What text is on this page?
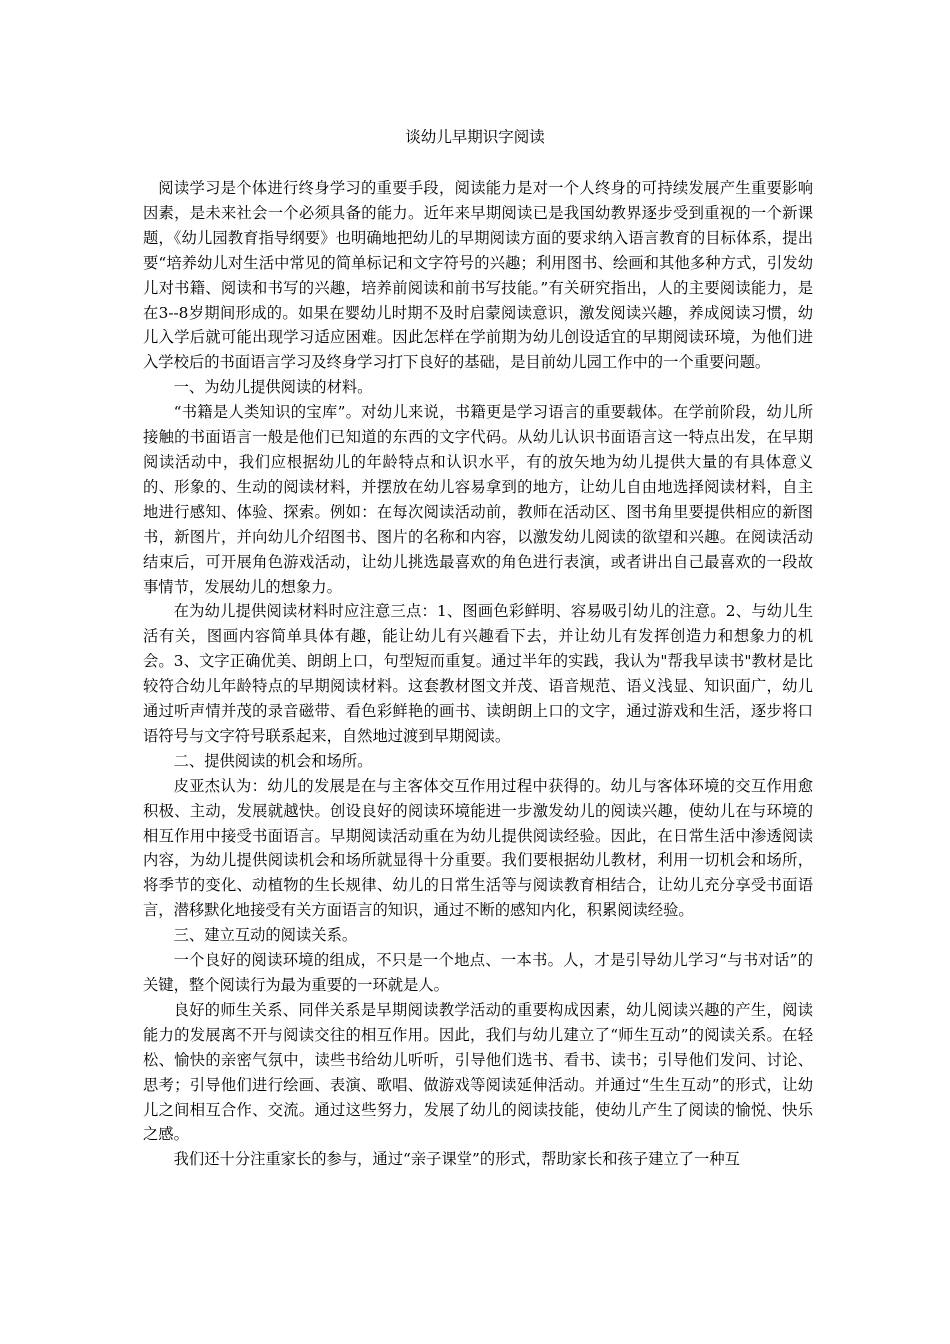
谈幼儿早期识字阅读

阅读学习是个体进行终身学习的重要手段，阅读能力是对一个人终身的可持续发展产生重要影响因素，是未来社会一个必须具备的能力。近年来早期阅读已是我国幼教界逐步受到重视的一个新课题，《幼儿园教育指导纲要》也明确地把幼儿的早期阅读方面的要求纳入语言教育的目标体系，提出要“培养幼儿对生活中常见的简单标记和文字符号的兴趣；利用图书、绘画和其他多种方式，引发幼儿对书籍、阅读和书写的兴趣，培养前阅读和前书写技能。”有关研究指出，人的主要阅读能力，是在3--8岁期间形成的。如果在婴幼儿时期不及时启蒙阅读意识，激发阅读兴趣，养成阅读习惯，幼儿入学后就可能出现学习适应困难。因此怎样在学前期为幼儿创设适宜的早期阅读环境，为他们进入学校后的书面语言学习及终身学习打下良好的基础，是目前幼儿园工作中的一个重要问题。

一、为幼儿提供阅读的材料。

“书籍是人类知识的宝库”。对幼儿来说，书籍更是学习语言的重要载体。在学前阶段，幼儿所接触的书面语言一般是他们已知道的东西的文字代码。从幼儿认识书面语言这一特点出发，在早期阅读活动中，我们应根据幼儿的年龄特点和认识水平，有的放矢地为幼儿提供大量的有具体意义的、形象的、生动的阅读材料，并摆放在幼儿容易拿到的地方，让幼儿自由地选择阅读材料，自主地进行感知、体验、探索。例如：在每次阅读活动前，教师在活动区、图书角里要提供相应的新图书，新图片，并向幼儿介绍图书、图片的名称和内容，以激发幼儿阅读的欲望和兴趣。在阅读活动结束后，可开展角色游戏活动，让幼儿挑选最喜欢的角色进行表演，或者讲出自己最喜欢的一段故事情节，发展幼儿的想象力。

在为幼儿提供阅读材料时应注意三点：1、图画色彩鲜明、容易吸引幼儿的注意。2、与幼儿生活有关，图画内容简单具体有趣，能让幼儿有兴趣看下去，并让幼儿有发挥创造力和想象力的机会。3、文字正确优美、朗朗上口，句型短而重复。通过半年的实践，我认为"帮我早读书"教材是比较符合幼儿年龄特点的早期阅读材料。这套教材图文并茂、语音规范、语义浅显、知识面广，幼儿通过听声情并茂的录音磁带、看色彩鲜艳的画书、读朗朗上口的文字，通过游戏和生活，逐步将口语符号与文字符号联系起来，自然地过渡到早期阅读。

二、提供阅读的机会和场所。

皮亚杰认为：幼儿的发展是在与主客体交互作用过程中获得的。幼儿与客体环境的交互作用愈积极、主动，发展就越快。创设良好的阅读环境能进一步激发幼儿的阅读兴趣，使幼儿在与环境的相互作用中接受书面语言。早期阅读活动重在为幼儿提供阅读经验。因此，在日常生活中渗透阅读内容，为幼儿提供阅读机会和场所就显得十分重要。我们要根据幼儿教材，利用一切机会和场所，将季节的变化、动植物的生长规律、幼儿的日常生活等与阅读教育相结合，让幼儿充分享受书面语言，潜移默化地接受有关方面语言的知识，通过不断的感知内化，积累阅读经验。

三、建立互动的阅读关系。

一个良好的阅读环境的组成，不只是一个地点、一本书。人，才是引导幼儿学习“与书对话”的关键，整个阅读行为最为重要的一环就是人。

良好的师生关系、同伴关系是早期阅读教学活动的重要构成因素，幼儿阅读兴趣的产生，阅读能力的发展离不开与阅读交往的相互作用。因此，我们与幼儿建立了“师生互动”的阅读关系。在轻松、愉快的亲密气氛中，读些书给幼儿听听，引导他们选书、看书、读书；引导他们发问、讨论、思考；引导他们进行绘画、表演、歌唱、做游戏等阅读延伸活动。并通过“生生互动”的形式，让幼儿之间相互合作、交流。通过这些努力，发展了幼儿的阅读技能，使幼儿产生了阅读的愉悦、快乐之感。

我们还十分注重家长的参与，通过“亲子课堂”的形式，帮助家长和孩子建立了一种互
